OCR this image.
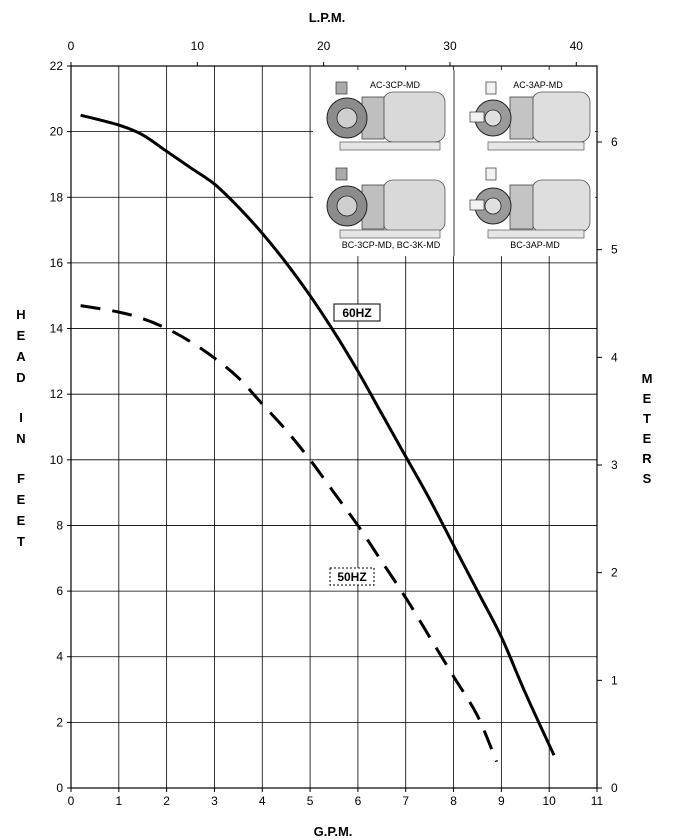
L.P.M.
G.P.M.
0	1	2	3	4	5	6	7	8	9	10	11
0
2
4
6
8
10
12
14
16
18
20
22
0	10	20	30	40
0
1
2
3
4
5
6
H
E
A
D
I
N
F
E
E
T
M
E
T
E
R
S
AC-3CP-MD	AC-3AP-MD
BC-3CP-MD, BC-3K-MD	BC-3AP-MD
60HZ
50HZ
